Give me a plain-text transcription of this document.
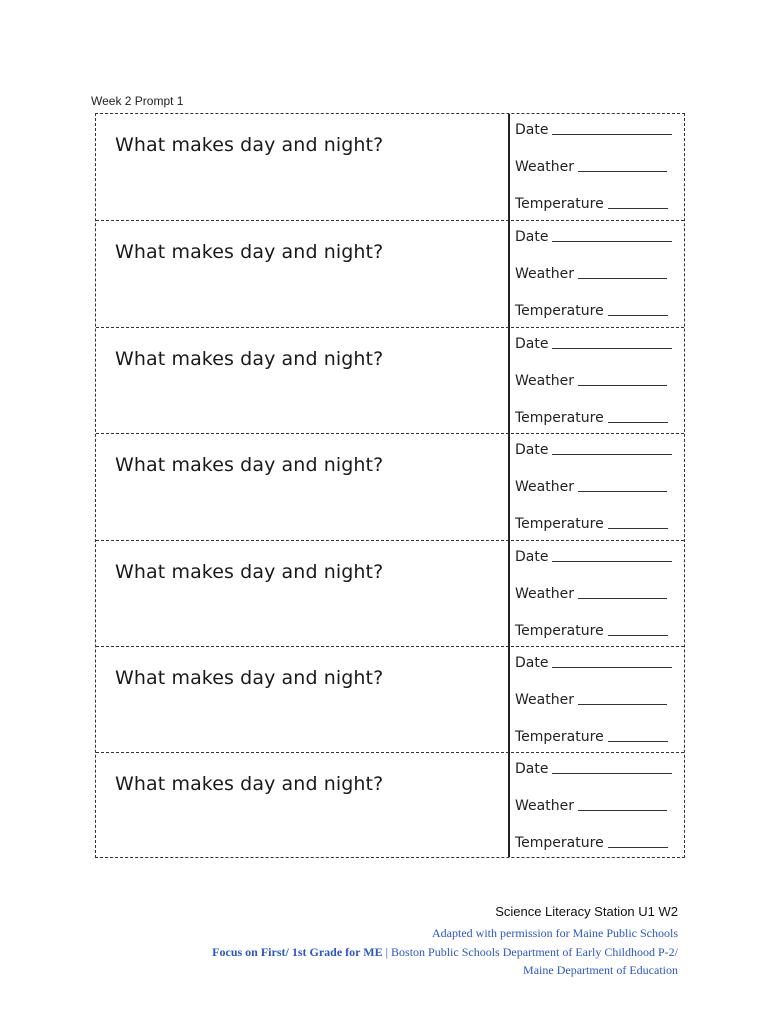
Week 2 Prompt 1
What makes day and night?
Date
Weather
Temperature
What makes day and night?
Date
Weather
Temperature
What makes day and night?
Date
Weather
Temperature
What makes day and night?
Date
Weather
Temperature
What makes day and night?
Date
Weather
Temperature
What makes day and night?
Date
Weather
Temperature
What makes day and night?
Date
Weather
Temperature
Science Literacy Station U1 W2
Adapted with permission for Maine Public Schools
Focus on First/ 1st Grade for ME | Boston Public Schools Department of Early Childhood P-2/
Maine Department of Education
